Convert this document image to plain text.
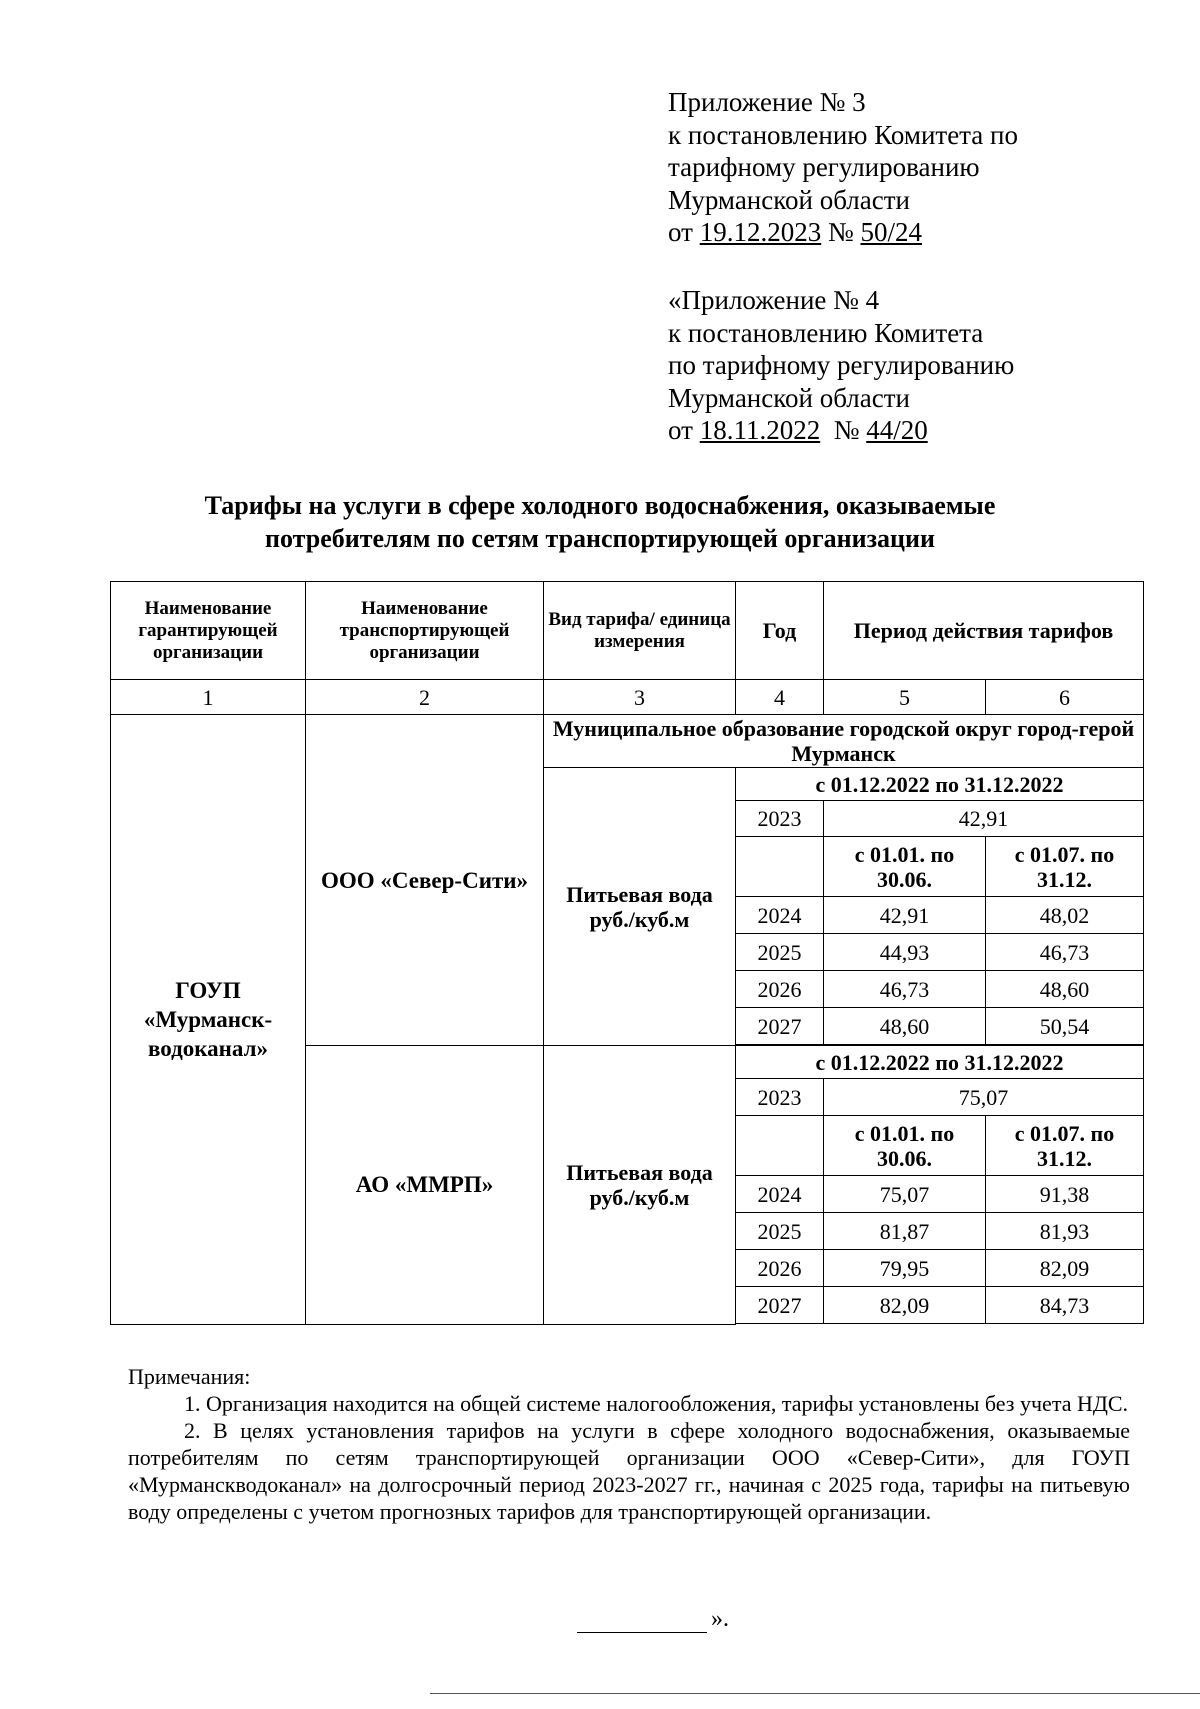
Приложение № 3
к постановлению Комитета по
тарифному регулированию
Мурманской области
от 19.12.2023 № 50/24
«Приложение № 4
к постановлению Комитета
по тарифному регулированию
Мурманской области
от 18.11.2022  № 44/20
Тарифы на услуги в сфере холодного водоснабжения, оказываемые
потребителям по сетям транспортирующей организации
Наименование гарантирующей организации	Наименование транспортирующей организации	Вид тарифа/ единица измерения	Год	Период действия тарифов	
1	2	3	4	5	6
ГОУП «Мурманск-водоканал»	ООО «Север-Сити»	Муниципальное образование городской округ город-герой Мурманск			
		Питьевая вода руб./куб.м	с 01.12.2022 по 31.12.2022		
			2023	42,91	
				с 01.01. по 30.06.	с 01.07. по 31.12.
			2024	42,91	48,02
			2025	44,93	46,73
			2026	46,73	48,60
			2027	48,60	50,54

	АО «ММРП»	Питьевая вода руб./куб.м	с 01.12.2022 по 31.12.2022		
			2023	75,07	
				с 01.01. по 30.06.	с 01.07. по 31.12.
			2024	75,07	91,38
			2025	81,87	81,93
			2026	79,95	82,09
			2027	82,09	84,73

Примечания:

1. Организация находится на общей системе налогообложения, тарифы установлены без учета НДС.

2. В целях установления тарифов на услуги в сфере холодного водоснабжения, оказываемые потребителям по сетям транспортирующей организации ООО «Север-Сити», для ГОУП «Мурманскводоканал» на долгосрочный период 2023-2027 гг., начиная с 2025 года, тарифы на питьевую воду определены с учетом прогнозных тарифов для транспортирующей организации.

».
